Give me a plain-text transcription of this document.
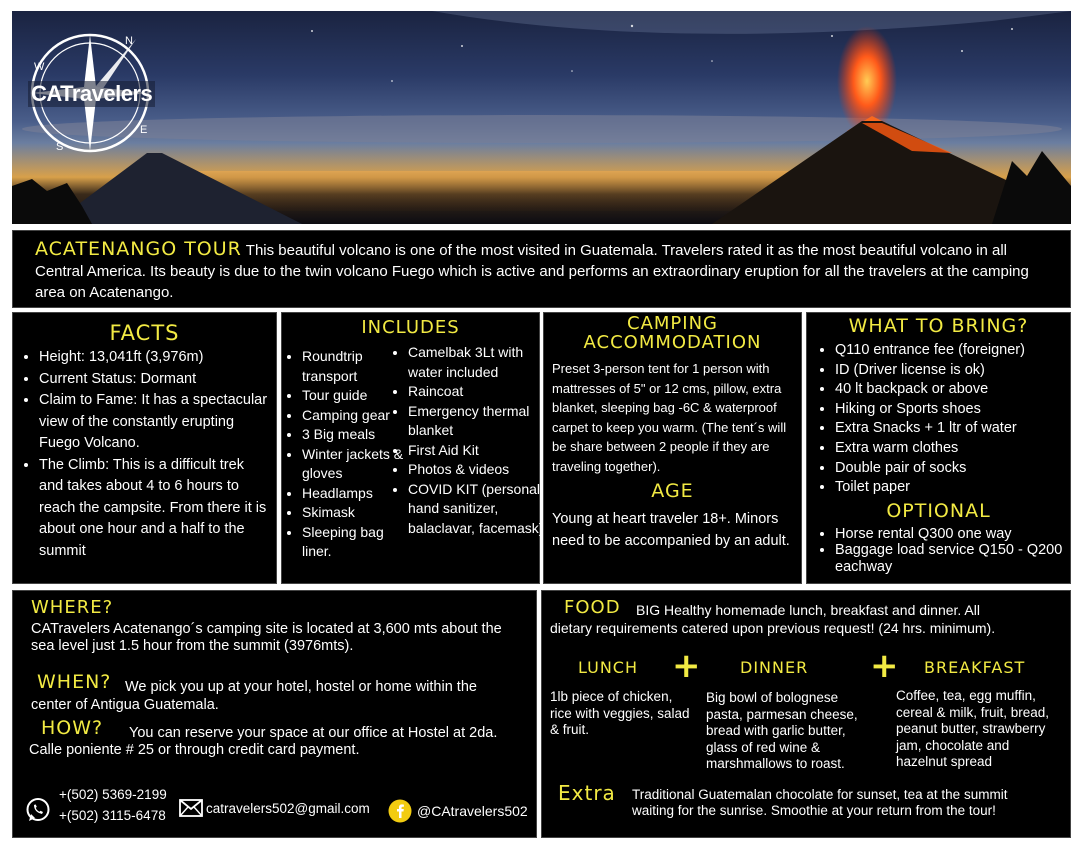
N
E
S
W
CATravelers
ACATENANGO TOUR This beautiful volcano is one of the most visited in Guatemala. Travelers rated it as the most beautiful volcano in all Central America. Its beauty is due to the twin volcano Fuego which is active and performs an extraordinary eruption for all the travelers at the camping area on Acatenango.
FACTS
• Height: 13,041ft (3,976m)
• Current Status: Dormant
• Claim to Fame: It has a spectacular view of the constantly erupting Fuego Volcano.
• The Climb: This is a difficult trek and takes about 4 to 6 hours to reach the campsite. From there it is about one hour and a half to the summit
INCLUDES
• Roundtrip transport
• Tour guide
• Camping gear
• 3 Big meals
• Winter jackets & gloves
• Headlamps
• Skimask
• Sleeping bag liner.
• Camelbak 3Lt with water included
• Raincoat
• Emergency thermal blanket
• First Aid Kit
• Photos & videos
• COVID KIT (personal hand sanitizer, balaclavar, facemask)
CAMPING
ACCOMMODATION
Preset 3-person tent for 1 person with mattresses of 5" or 12 cms, pillow, extra blanket, sleeping bag -6C & waterproof carpet to keep you warm. (The tent´s will be share between 2 people if they are traveling together).
AGE
Young at heart traveler 18+. Minors need to be accompanied by an adult.
WHAT TO BRING?
• Q110 entrance fee (foreigner)
• ID (Driver license is ok)
• 40 lt backpack or above
• Hiking or Sports shoes
• Extra Snacks + 1 ltr of water
• Extra warm clothes
• Double pair of socks
• Toilet paper
OPTIONAL
• Horse rental Q300 one way
• Baggage load service Q150 - Q200 eachway
WHERE?
CATravelers Acatenango´s camping site is located at 3,600 mts about the sea level just 1.5 hour from the summit (3976mts).
WHEN? We pick you up at your hotel, hostel or home within the
center of Antigua Guatemala.
HOW? You can reserve your space at our office at Hostel at 2da.
Calle poniente # 25 or through credit card payment.
+(502) 5369-2199
+(502) 3115-6478	catravelers502@gmail.com	@CAtravelers502
FOOD BIG Healthy homemade lunch, breakfast and dinner. All
dietary requirements catered upon previous request! (24 hrs. minimum).
LUNCH + DINNER + BREAKFAST
1lb piece of chicken, rice with veggies, salad & fruit.
Big bowl of bolognese pasta, parmesan cheese, bread with garlic butter, glass of red wine & marshmallows to roast.
Coffee, tea, egg muffin, cereal & milk, fruit, bread, peanut butter, strawberry jam, chocolate and hazelnut spread
Extra Traditional Guatemalan chocolate for sunset, tea at the summit
waiting for the sunrise. Smoothie at your return from the tour!
